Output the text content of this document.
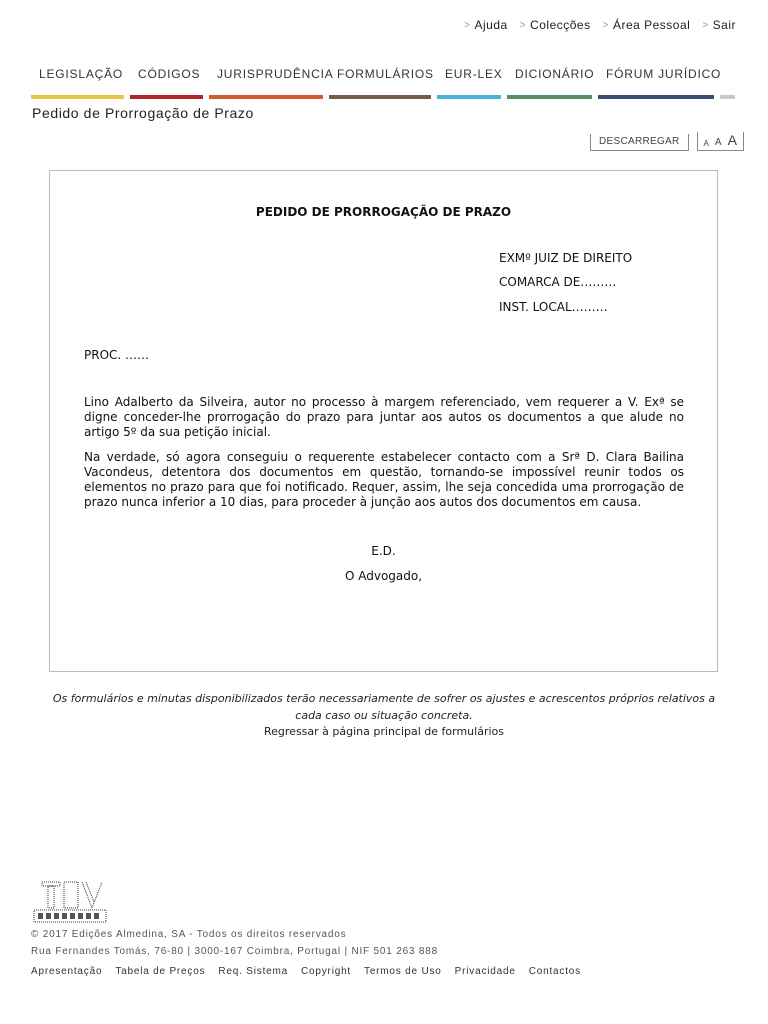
> Ajuda > Colecções > Área Pessoal > Sair
LEGISLAÇÃO	CÓDIGOS	JURISPRUDÊNCIA FORMULÁRIOS EUR-LEX	DICIONÁRIO FÓRUM JURÍDICO
Pedido de Prorrogação de Prazo
DESCARREGAR	A A A
PEDIDO DE PRORROGAÇÃO DE PRAZO
EXMº JUIZ DE DIREITO
COMARCA DE………
INST. LOCAL………
PROC. ……
Lino Adalberto da Silveira, autor no processo à margem referenciado, vem requerer a V. Exª se digne conceder-lhe prorrogação do prazo para juntar aos autos os documentos a que alude no artigo 5º da sua petição inicial.
Na verdade, só agora conseguiu o requerente estabelecer contacto com a Srª D. Clara Bailina Vacondeus, detentora dos documentos em questão, tornando-se impossível reunir todos os elementos no prazo para que foi notificado. Requer, assim, lhe seja concedida uma prorrogação de prazo nunca inferior a 10 dias, para proceder à junção aos autos dos documentos em causa.
E.D.
O Advogado,
Os formulários e minutas disponibilizados terão necessariamente de sofrer os ajustes e acrescentos próprios relativos a cada caso ou situação concreta.
Regressar à página principal de formulários
© 2017 Edições Almedina, SA - Todos os direitos reservados
Rua Fernandes Tomás, 76-80 | 3000-167 Coimbra, Portugal | NIF 501 263 888
Apresentação Tabela de Preços Req. Sistema Copyright Termos de Uso Privacidade Contactos
